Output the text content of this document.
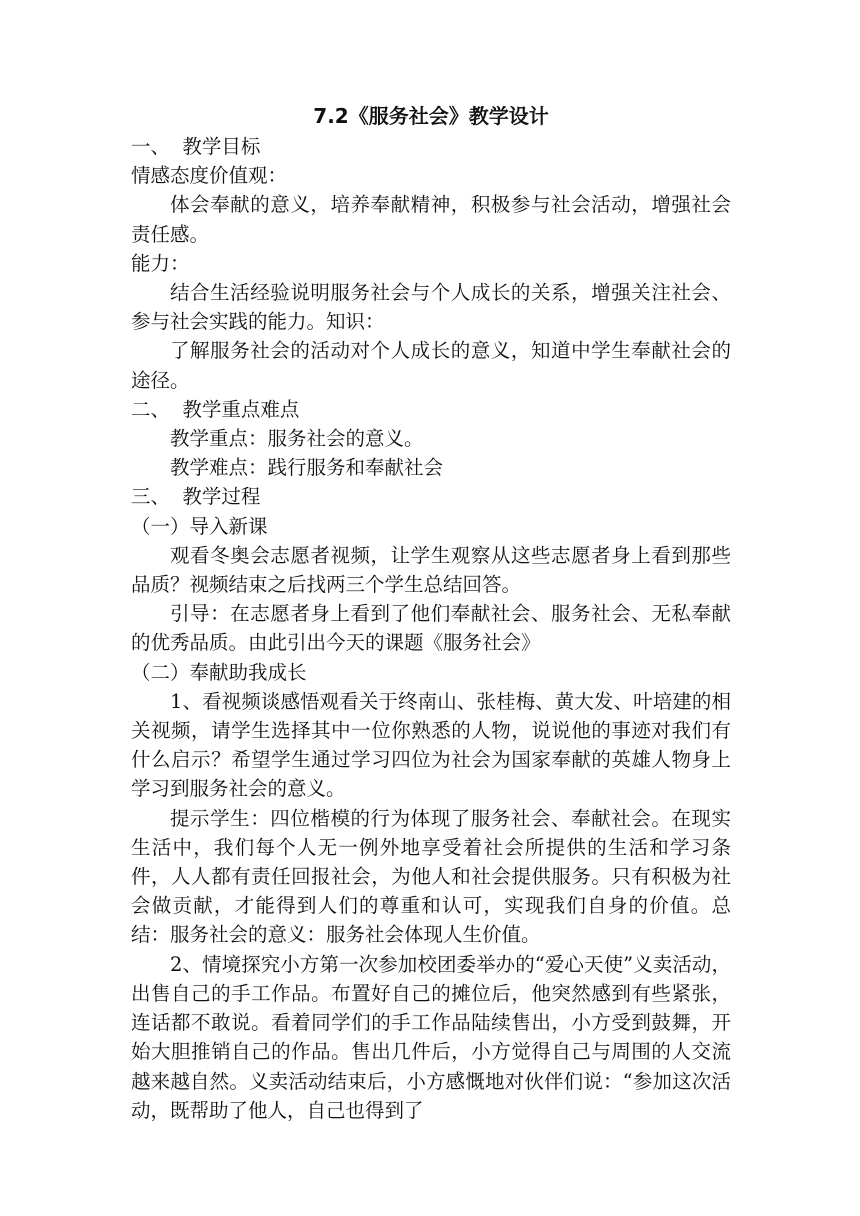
7.2《服务社会》教学设计

一、  教学目标

情感态度价值观：

体会奉献的意义，培养奉献精神，积极参与社会活动，增强社会责任感。

能力：

结合生活经验说明服务社会与个人成长的关系，增强关注社会、参与社会实践的能力。知识：

了解服务社会的活动对个人成长的意义，知道中学生奉献社会的途径。

二、  教学重点难点

教学重点：服务社会的意义。

教学难点：践行服务和奉献社会

三、  教学过程

（一）导入新课

观看冬奥会志愿者视频，让学生观察从这些志愿者身上看到那些品质？视频结束之后找两三个学生总结回答。

引导：在志愿者身上看到了他们奉献社会、服务社会、无私奉献的优秀品质。由此引出今天的课题《服务社会》

（二）奉献助我成长

1、看视频谈感悟观看关于终南山、张桂梅、黄大发、叶培建的相关视频，请学生选择其中一位你熟悉的人物，说说他的事迹对我们有什么启示？希望学生通过学习四位为社会为国家奉献的英雄人物身上学习到服务社会的意义。

提示学生：四位楷模的行为体现了服务社会、奉献社会。在现实生活中，我们每个人无一例外地享受着社会所提供的生活和学习条件，人人都有责任回报社会，为他人和社会提供服务。只有积极为社会做贡献，才能得到人们的尊重和认可，实现我们自身的价值。总结：服务社会的意义：服务社会体现人生价值。

2、情境探究小方第一次参加校团委举办的“爱心天使”义卖活动，出售自己的手工作品。布置好自己的摊位后，他突然感到有些紧张，连话都不敢说。看着同学们的手工作品陆续售出，小方受到鼓舞，开始大胆推销自己的作品。售出几件后，小方觉得自己与周围的人交流越来越自然。义卖活动结束后，小方感慨地对伙伴们说：“参加这次活动，既帮助了他人，自己也得到了
